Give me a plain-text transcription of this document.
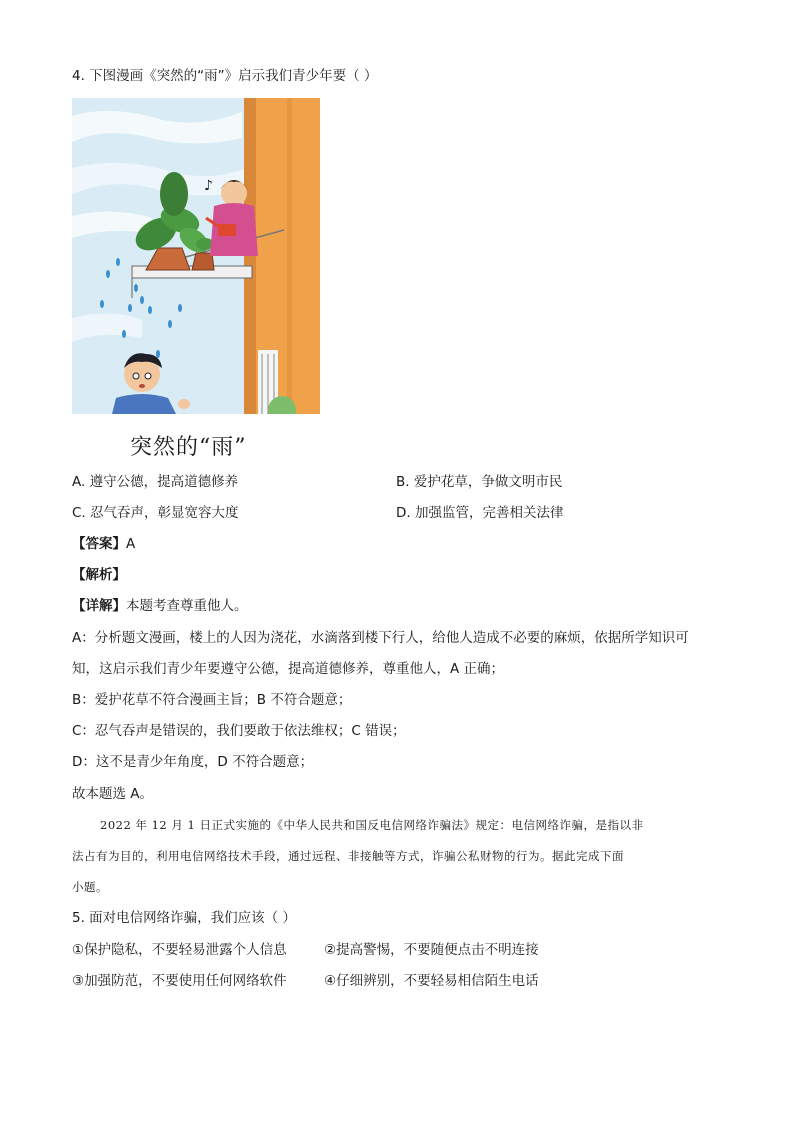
4. 下图漫画《突然的“雨”》启示我们青少年要（ ）
♪
突然的“雨”
A. 遵守公德，提高道德修养	B. 爱护花草，争做文明市民
C. 忍气吞声，彰显宽容大度	D. 加强监管，完善相关法律
【答案】A
【解析】
【详解】本题考查尊重他人。
A：分析题文漫画，楼上的人因为浇花，水滴落到楼下行人，给他人造成不必要的麻烦，依据所学知识可
知，这启示我们青少年要遵守公德，提高道德修养，尊重他人，A 正确；
B：爱护花草不符合漫画主旨；B 不符合题意；
C：忍气吞声是错误的，我们要敢于依法维权；C 错误；
D：这不是青少年角度，D 不符合题意；
故本题选 A。
2022 年 12 月 1 日正式实施的《中华人民共和国反电信网络诈骗法》规定：电信网络诈骗，是指以非
法占有为目的，利用电信网络技术手段，通过远程、非接触等方式，诈骗公私财物的行为。据此完成下面
小题。
5. 面对电信网络诈骗，我们应该（ ）
①保护隐私，不要轻易泄露个人信息	②提高警惕，不要随便点击不明连接
③加强防范，不要使用任何网络软件	④仔细辨别，不要轻易相信陌生电话
